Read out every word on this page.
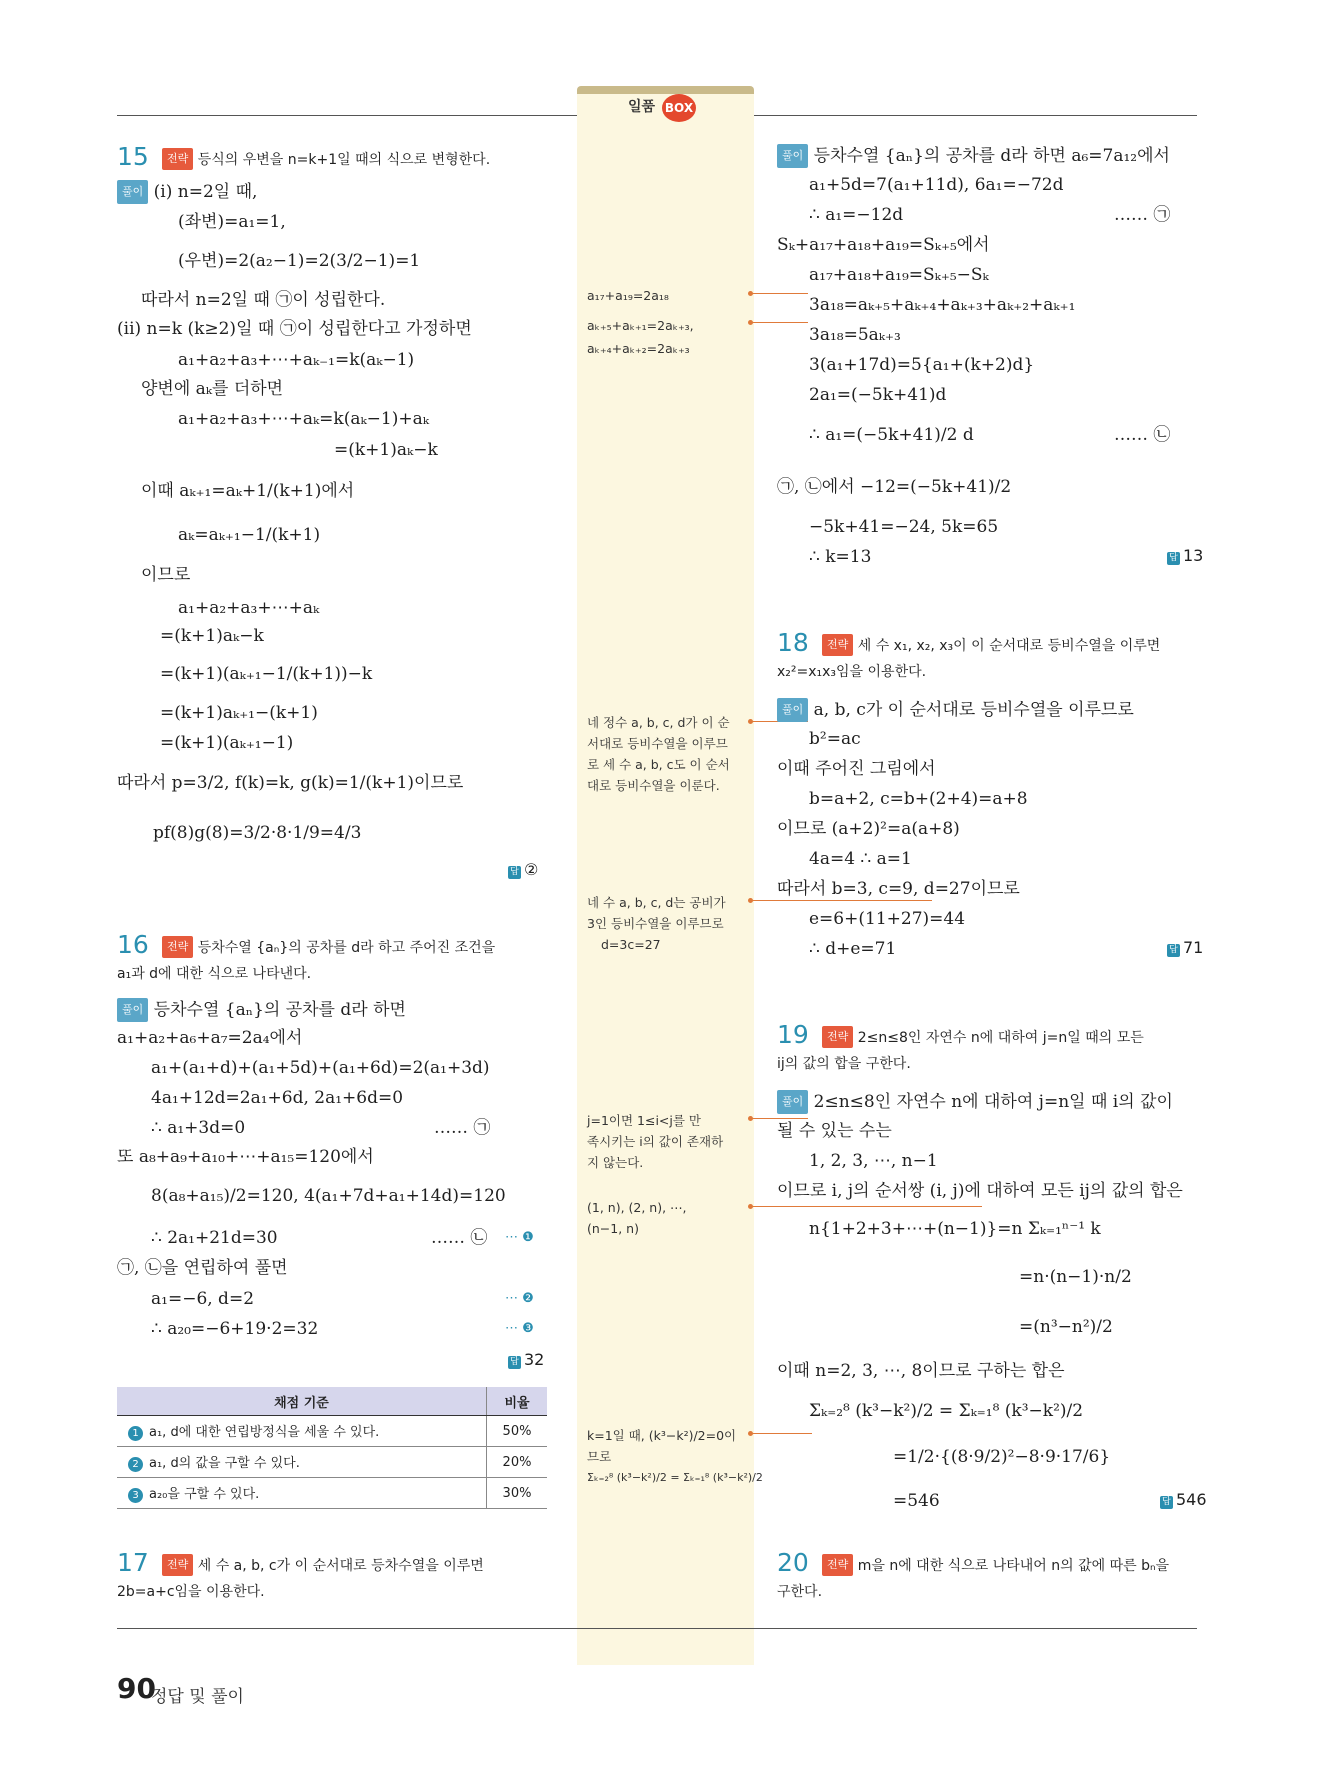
일품 BOX
15	전략 등식의 우변을 n=k+1일 때의 식으로 변형한다.
풀이 (i) n=2일 때,
(좌변)=a₁=1,
(우변)=2(a₂−1)=2(3/2−1)=1
따라서 n=2일 때 ㉠이 성립한다.
(ii) n=k (k≥2)일 때 ㉠이 성립한다고 가정하면
a₁+a₂+a₃+⋯+aₖ₋₁=k(aₖ−1)
양변에 aₖ를 더하면
a₁+a₂+a₃+⋯+aₖ=k(aₖ−1)+aₖ
=(k+1)aₖ−k
이때 aₖ₊₁=aₖ+1/(k+1)에서
aₖ=aₖ₊₁−1/(k+1)
이므로
a₁+a₂+a₃+⋯+aₖ
=(k+1)aₖ−k
=(k+1)(aₖ₊₁−1/(k+1))−k
=(k+1)aₖ₊₁−(k+1)
=(k+1)(aₖ₊₁−1)
따라서 p=3/2, f(k)=k, g(k)=1/(k+1)이므로
pf(8)g(8)=3/2·8·1/9=4/3
답 ②
16	전략 등차수열 {aₙ}의 공차를 d라 하고 주어진 조건을
a₁과 d에 대한 식으로 나타낸다.
풀이 등차수열 {aₙ}의 공차를 d라 하면
a₁+a₂+a₆+a₇=2a₄에서
a₁+(a₁+d)+(a₁+5d)+(a₁+6d)=2(a₁+3d)
4a₁+12d=2a₁+6d, 2a₁+6d=0
∴ a₁+3d=0	…… ㉠
또 a₈+a₉+a₁₀+⋯+a₁₅=120에서
8(a₈+a₁₅)/2=120, 4(a₁+7d+a₁+14d)=120
∴ 2a₁+21d=30	…… ㉡ ⋯ ❶
㉠, ㉡을 연립하여 풀면
a₁=−6, d=2	⋯ ❷
∴ a₂₀=−6+19·2=32	⋯ ❸
답 32
채점 기준	비율
1 a₁, d에 대한 연립방정식을 세울 수 있다.	50%
2 a₁, d의 값을 구할 수 있다.	20%
3 a₂₀을 구할 수 있다.	30%
17	전략 세 수 a, b, c가 이 순서대로 등차수열을 이루면
2b=a+c임을 이용한다.
a₁₇+a₁₉=2a₁₈
aₖ₊₅+aₖ₊₁=2aₖ₊₃,
aₖ₊₄+aₖ₊₂=2aₖ₊₃
네 정수 a, b, c, d가 이 순
서대로 등비수열을 이루므
로 세 수 a, b, c도 이 순서
대로 등비수열을 이룬다.
네 수 a, b, c, d는 공비가
3인 등비수열을 이루므로
d=3c=27
j=1이면 1≤i<j를 만
족시키는 i의 값이 존재하
지 않는다.
(1, n), (2, n), ⋯,
(n−1, n)
k=1일 때, (k³−k²)/2=0이
므로
Σₖ₌₂⁸ (k³−k²)/2 = Σₖ₌₁⁸ (k³−k²)/2
풀이 등차수열 {aₙ}의 공차를 d라 하면 a₆=7a₁₂에서
a₁+5d=7(a₁+11d), 6a₁=−72d
∴ a₁=−12d	…… ㉠
Sₖ+a₁₇+a₁₈+a₁₉=Sₖ₊₅에서
a₁₇+a₁₈+a₁₉=Sₖ₊₅−Sₖ
3a₁₈=aₖ₊₅+aₖ₊₄+aₖ₊₃+aₖ₊₂+aₖ₊₁
3a₁₈=5aₖ₊₃
3(a₁+17d)=5{a₁+(k+2)d}
2a₁=(−5k+41)d
∴ a₁=(−5k+41)/2 d	…… ㉡
㉠, ㉡에서 −12=(−5k+41)/2
−5k+41=−24, 5k=65
∴ k=13	답 13
18	전략 세 수 x₁, x₂, x₃이 이 순서대로 등비수열을 이루면
x₂²=x₁x₃임을 이용한다.
풀이 a, b, c가 이 순서대로 등비수열을 이루므로
b²=ac
이때 주어진 그림에서
b=a+2, c=b+(2+4)=a+8
이므로 (a+2)²=a(a+8)
4a=4 ∴ a=1
따라서 b=3, c=9, d=27이므로
e=6+(11+27)=44
∴ d+e=71	답 71
19	전략 2≤n≤8인 자연수 n에 대하여 j=n일 때의 모든
ij의 값의 합을 구한다.
풀이 2≤n≤8인 자연수 n에 대하여 j=n일 때 i의 값이
될 수 있는 수는
1, 2, 3, ⋯, n−1
이므로 i, j의 순서쌍 (i, j)에 대하여 모든 ij의 값의 합은
n{1+2+3+⋯+(n−1)}=n Σₖ₌₁ⁿ⁻¹ k
=n·(n−1)·n/2
=(n³−n²)/2
이때 n=2, 3, ⋯, 8이므로 구하는 합은
Σₖ₌₂⁸ (k³−k²)/2 = Σₖ₌₁⁸ (k³−k²)/2
=1/2·{(8·9/2)²−8·9·17/6}
=546	답 546
20	전략 m을 n에 대한 식으로 나타내어 n의 값에 따른 bₙ을
구한다.
90
정답 및 풀이
